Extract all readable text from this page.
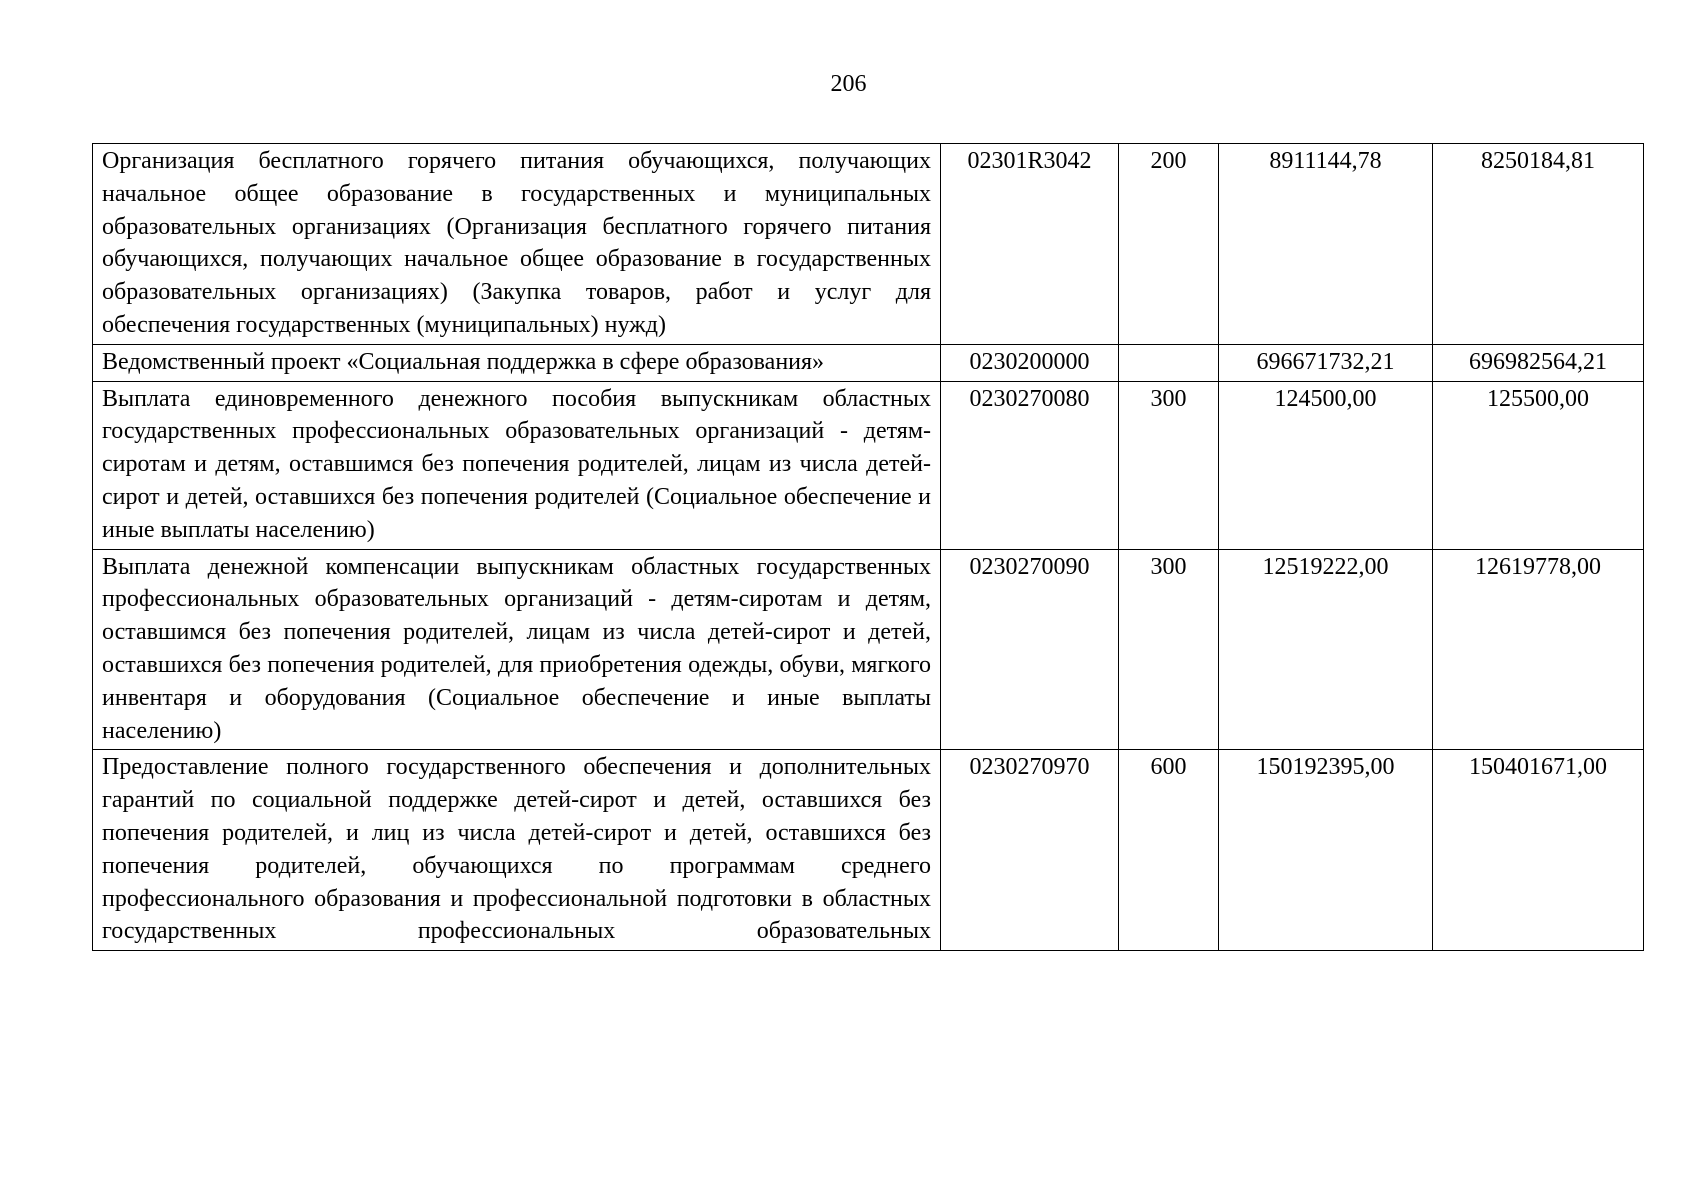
206
Организация бесплатного горячего питания обучающихся, получающих начальное общее образование в государственных и муниципальных образовательных организациях (Организация бесплатного горячего питания обучающихся, получающих начальное общее образование в государственных образовательных организациях) (Закупка товаров, работ и услуг для обеспечения государственных (муниципальных) нужд)	02301R3042	200	8911144,78	8250184,81
Ведомственный проект «Социальная поддержка в сфере образования»	0230200000		696671732,21	696982564,21
Выплата единовременного денежного пособия выпускникам областных государственных профессиональных образовательных организаций - детям-сиротам и детям, оставшимся без попечения родителей, лицам из числа детей-сирот и детей, оставшихся без попечения родителей (Социальное обеспечение и иные выплаты населению)	0230270080	300	124500,00	125500,00
Выплата денежной компенсации выпускникам областных государственных профессиональных образовательных организаций - детям-сиротам и детям, оставшимся без попечения родителей, лицам из числа детей-сирот и детей, оставшихся без попечения родителей, для приобретения одежды, обуви, мягкого инвентаря и оборудования (Социальное обеспечение и иные выплаты населению)	0230270090	300	12519222,00	12619778,00

Предоставление полного государственного обеспечения и дополнительных гарантий по социальной поддержке детей-сирот и детей, оставшихся без попечения родителей, и лиц из числа детей-сирот и детей, оставшихся без попечения родителей, обучающихся по программам среднего профессионального образования и профессиональной подготовки в областных государственных профессиональных образовательных	0230270970	600	150192395,00	150401671,00
